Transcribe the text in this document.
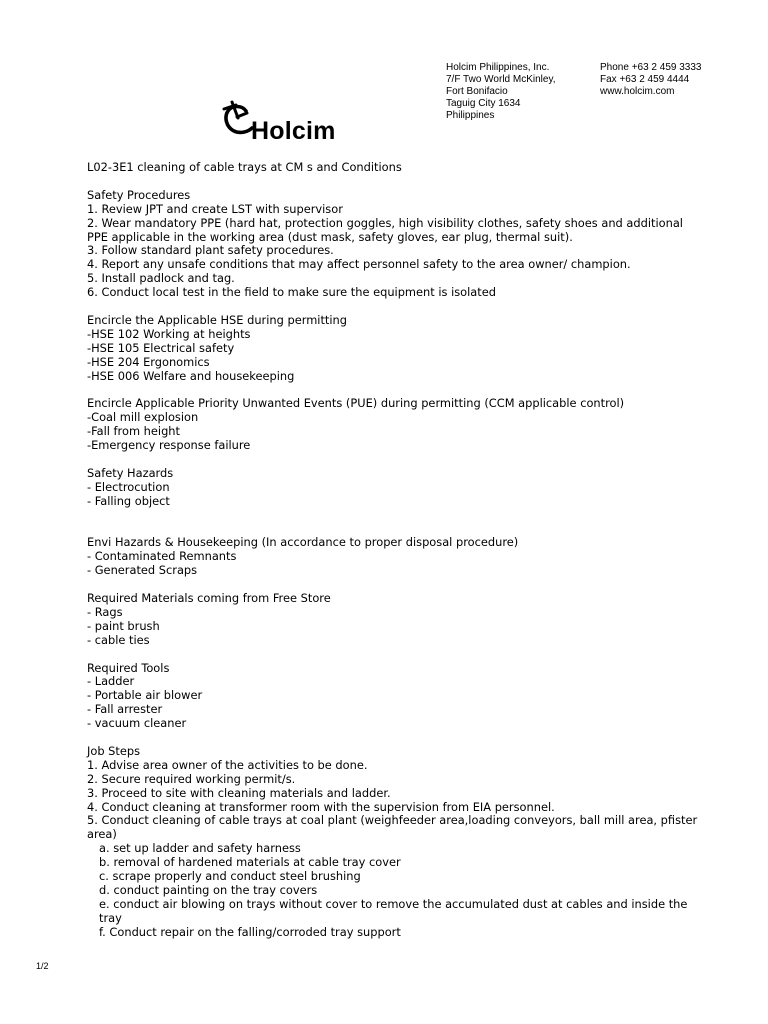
Holcim Philippines, Inc.
7/F Two World McKinley,
Fort Bonifacio
Taguig City 1634
Philippines
Phone +63 2 459 3333
Fax +63 2 459 4444
www.holcim.com
Holcim

L02-3E1 cleaning of cable trays at CM s and Conditions

Safety Procedures

1. Review JPT and create LST with supervisor

2. Wear mandatory PPE (hard hat, protection goggles, high visibility clothes, safety shoes and additional PPE applicable in the working area (dust mask, safety gloves, ear plug, thermal suit).

3. Follow standard plant safety procedures.

4. Report any unsafe conditions that may affect personnel safety to the area owner/ champion.

5. Install padlock and tag.

6. Conduct local test in the field to make sure the equipment is isolated

Encircle the Applicable HSE during permitting

-HSE 102 Working at heights

-HSE 105 Electrical safety

-HSE 204 Ergonomics

-HSE 006 Welfare and housekeeping

Encircle Applicable Priority Unwanted Events (PUE) during permitting (CCM applicable control)

-Coal mill explosion

-Fall from height

-Emergency response failure

Safety Hazards

- Electrocution

- Falling object

Envi Hazards & Housekeeping (In accordance to proper disposal procedure)

- Contaminated Remnants

- Generated Scraps

Required Materials coming from Free Store

- Rags

- paint brush

- cable ties

Required Tools

- Ladder

- Portable air blower

- Fall arrester

- vacuum cleaner

Job Steps

1. Advise area owner of the activities to be done.

2. Secure required working permit/s.

3. Proceed to site with cleaning materials and ladder.

4. Conduct cleaning at transformer room with the supervision from EIA personnel.

5. Conduct cleaning of cable trays at coal plant (weighfeeder area,loading conveyors, ball mill area, pfister area)

a. set up ladder and safety harness

b. removal of hardened materials at cable tray cover

c. scrape properly and conduct steel brushing

d. conduct painting on the tray covers

e. conduct air blowing on trays without cover to remove the accumulated dust at cables and inside the tray

f. Conduct repair on the falling/corroded tray support

1/2
